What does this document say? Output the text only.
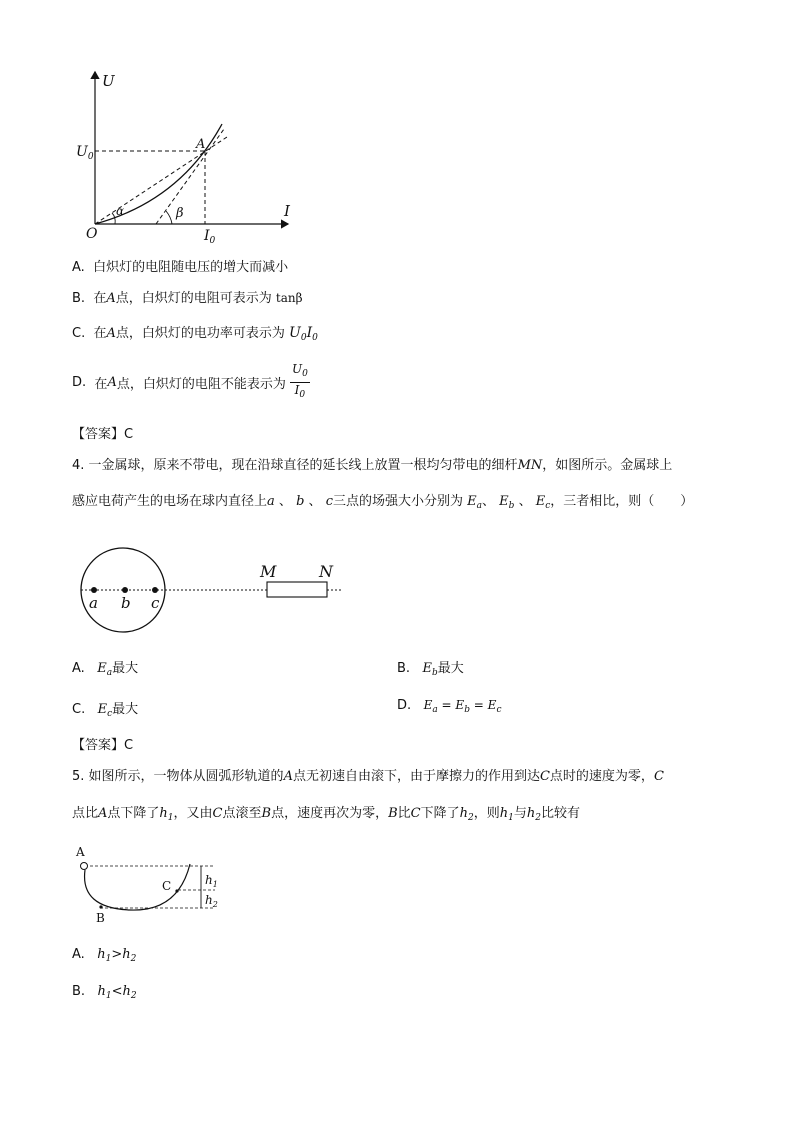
U
I
O
$U_0$
$I_0$
A
α	β
A. 白炽灯的电阻随电压的增大而减小
B. 在A点，白炽灯的电阻可表示为 tanβ
C. 在A点，白炽灯的电功率可表示为 $U_0I_0$
D. 在A点，白炽灯的电阻不能表示为 $\frac{U_0}{I_0}$
【答案】C
4. 一金属球，原来不带电，现在沿球直径的延长线上放置一根均匀带电的细杆MN，如图所示。金属球上
感应电荷产生的电场在球内直径上a 、 b 、 c三点的场强大小分别为 $E_a$、 $E_b$ 、 $E_c$，三者相比，则（　　）
a b c
M	N
A. $E_a$最大	B. $E_b$最大
C. $E_c$最大	D. $E_a = E_b = E_c$
【答案】C
5. 如图所示，一物体从圆弧形轨道的A点无初速自由滚下，由于摩擦力的作用到达C点时的速度为零，C
点比A点下降了$h_1$，又由C点滚至B点，速度再次为零，B比C下降了$h_2$，则$h_1$与$h_2$比较有
A
C
B
$h_1$
$h_2$
A. $h_1>h_2$
B. $h_1<h_2$
